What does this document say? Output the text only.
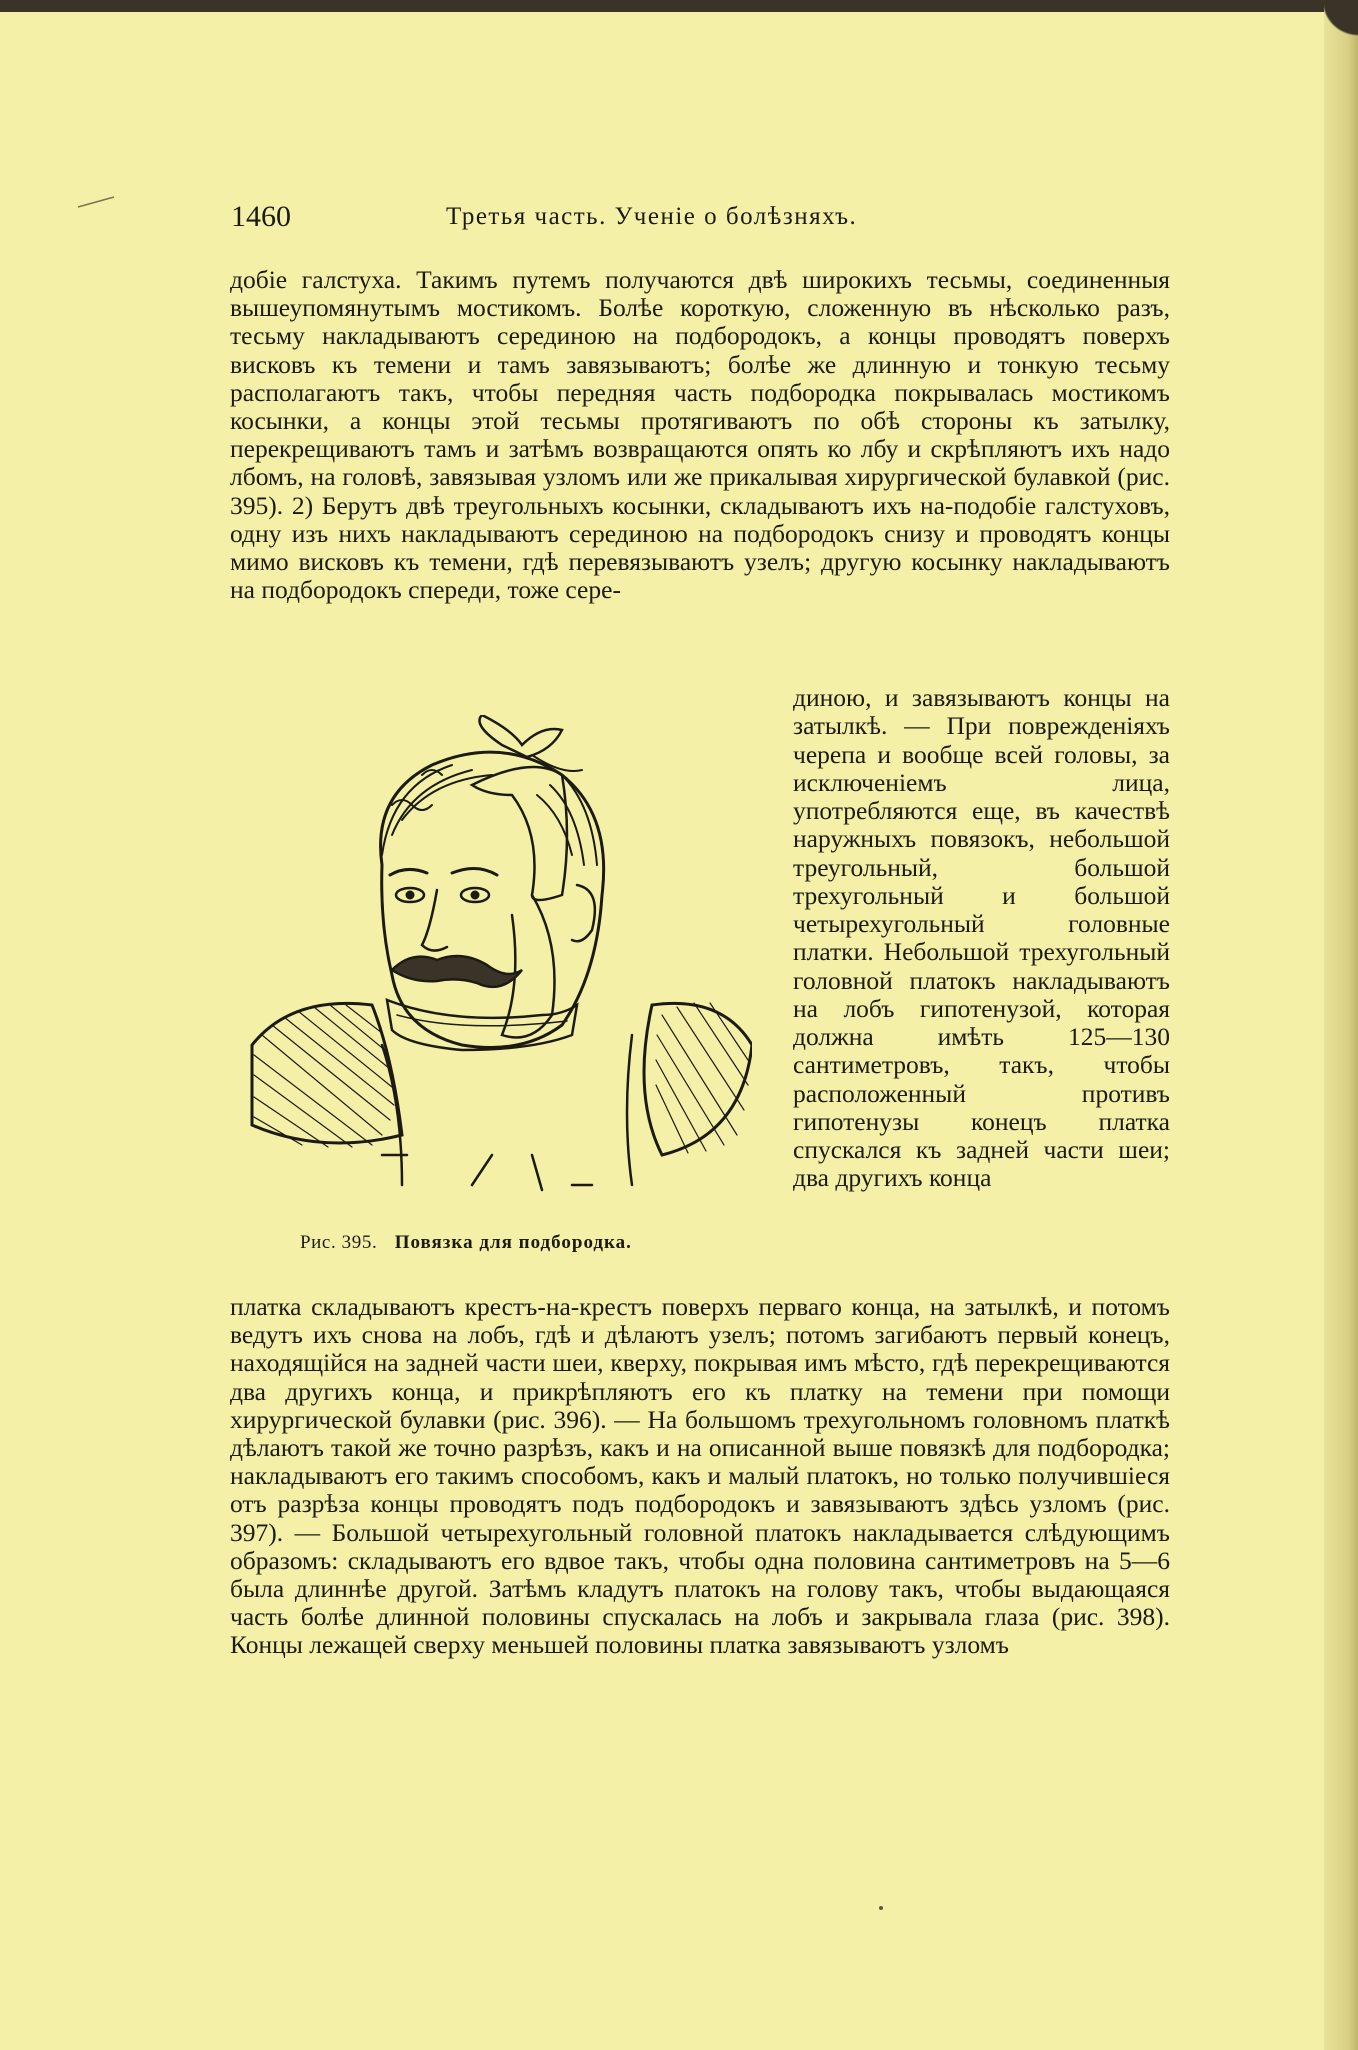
1460	Третья часть. Ученіе о болѣзняхъ.

добіе галстуха. Такимъ путемъ получаются двѣ широкихъ тесьмы, соединенныя вышеупомянутымъ мостикомъ. Болѣе короткую, сложенную въ нѣсколько разъ, тесьму накладываютъ серединою на подбородокъ, а концы проводятъ поверхъ висковъ къ темени и тамъ завязываютъ; болѣе же длинную и тонкую тесьму располагаютъ такъ, чтобы передняя часть подбородка покрывалась мостикомъ косынки, а концы этой тесьмы протягиваютъ по обѣ стороны къ затылку, перекрещиваютъ тамъ и затѣмъ возвращаются опять ко лбу и скрѣпляютъ ихъ надо лбомъ, на головѣ, завязывая узломъ или же прикалывая хирургической булавкой (рис. 395). 2) Берутъ двѣ треугольныхъ косынки, складываютъ ихъ на-подобіе галстуховъ, одну изъ нихъ накладываютъ серединою на подбородокъ снизу и проводятъ концы мимо висковъ къ темени, гдѣ перевязываютъ узелъ; другую косынку накладываютъ на подбородокъ спереди, тоже сере-

Рис. 395. Повязка для подбородка.

диною, и завязываютъ концы на затылкѣ. — При поврежденіяхъ черепа и вообще всей головы, за исключеніемъ лица, употребляются еще, въ качествѣ наружныхъ повязокъ, небольшой треугольный, большой трехугольный и большой четырехугольный головные платки. Небольшой трехугольный головной платокъ накладываютъ на лобъ гипотенузой, которая должна имѣть 125—130 сантиметровъ, такъ, чтобы расположенный противъ гипотенузы конецъ платка спускался къ задней части шеи; два другихъ конца

платка складываютъ крестъ-на-крестъ поверхъ перваго конца, на затылкѣ, и потомъ ведутъ ихъ снова на лобъ, гдѣ и дѣлаютъ узелъ; потомъ загибаютъ первый конецъ, находящійся на задней части шеи, кверху, покрывая имъ мѣсто, гдѣ перекрещиваются два другихъ конца, и прикрѣпляютъ его къ платку на темени при помощи хирургической булавки (рис. 396). — На большомъ трехугольномъ головномъ платкѣ дѣлаютъ такой же точно разрѣзъ, какъ и на описанной выше повязкѣ для подбородка; накладываютъ его такимъ способомъ, какъ и малый платокъ, но только получившіеся отъ разрѣза концы проводятъ подъ подбородокъ и завязываютъ здѣсь узломъ (рис. 397). — Большой четырехугольный головной платокъ накладывается слѣдующимъ образомъ: складываютъ его вдвое такъ, чтобы одна половина сантиметровъ на 5—6 была длиннѣе другой. Затѣмъ кладутъ платокъ на голову такъ, чтобы выдающаяся часть болѣе длинной половины спускалась на лобъ и закрывала глаза (рис. 398). Концы лежащей сверху меньшей половины платка завязываютъ узломъ
